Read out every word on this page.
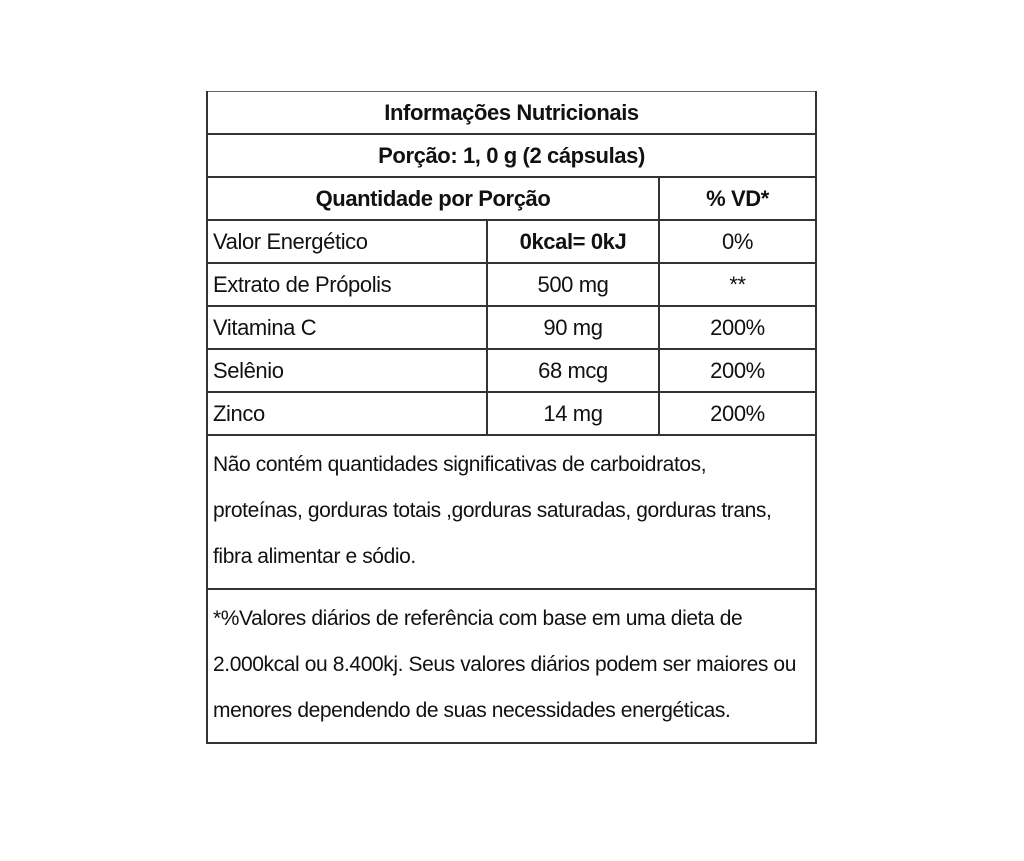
Informações Nutricionais		
Porção: 1, 0 g (2 cápsulas)		
Quantidade por Porção		% VD*
Valor Energético	0kcal= 0kJ	0%
Extrato de Própolis	500 mg	**
Vitamina C	90 mg	200%
Selênio	68 mcg	200%
Zinco	14 mg	200%

Não contém quantidades significativas de carboidratos,
proteínas, gorduras totais ,gorduras saturadas, gorduras trans,
fibra alimentar e sódio.		

*%Valores diários de referência com base em uma dieta de
2.000kcal ou 8.400kj. Seus valores diários podem ser maiores ou
menores dependendo de suas necessidades energéticas.		
